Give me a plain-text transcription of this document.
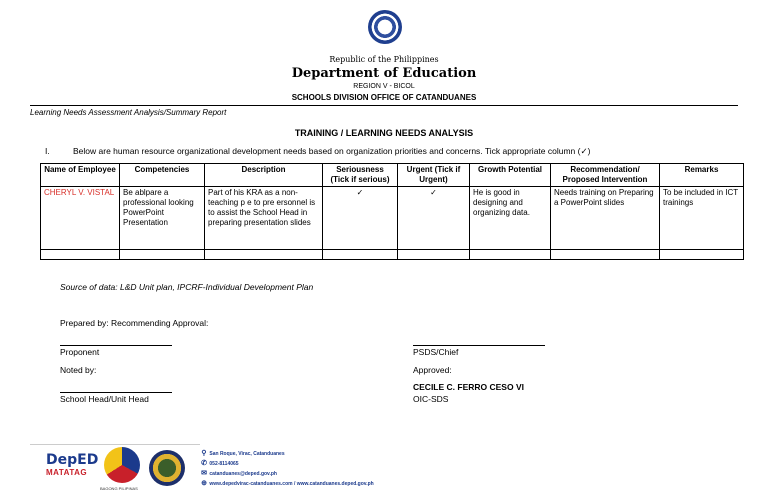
Republic of the Philippines
Department of Education
REGION V - BICOL
SCHOOLS DIVISION OFFICE OF CATANDUANES
Learning Needs Assessment Analysis/Summary Report
TRAINING / LEARNING NEEDS ANALYSIS
I.	Below are human resource organizational development needs based on organization priorities and concerns. Tick appropriate column (✓)
Name of Employee	Competencies	Description	Seriousness (Tick if serious)	Urgent (Tick if Urgent)	Growth Potential	Recommendation/ Proposed Intervention	Remarks
CHERYL V. VISTAL	Be ablpare a professional looking PowerPoint Presentation	Part of his KRA as a non-teaching p e to pre ersonnel is to assist the School Head in preparing presentation slides	✓	✓	He is good in designing and organizing data.	Needs training on Preparing a PowerPoint slides	To be included in ICT trainings

Source of data: L&D Unit plan, IPCRF-Individual Development Plan
Prepared by: Recommending Approval:
Proponent
Noted by:
School Head/Unit Head
PSDS/Chief
Approved:
CECILE C. FERRO CESO VI
OIC-SDS
DepED
MATATAG
BAGONG PILIPINAS
⚲ San Roque, Virac, Catanduanes
✆ 052-8114065
✉ catanduanes@deped.gov.ph
⊕ www.depedvirac-catanduanes.com / www.catanduanes.deped.gov.ph
